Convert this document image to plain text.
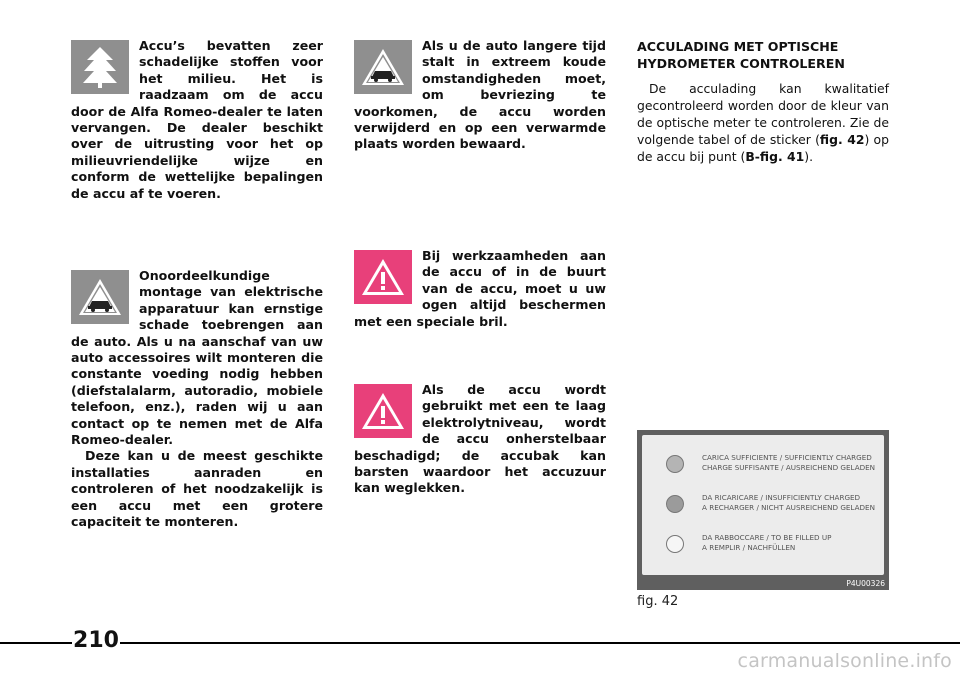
Accu’s bevatten zeer schadelijke stoffen voor het milieu. Het is raadzaam om de accu door de Alfa Romeo-dealer te laten vervangen. De dealer beschikt over de uitrusting voor het op milieuvriendelijke wijze en conform de wettelijke bepalingen de accu af te voeren.

Onoordeelkundige montage van elektrische apparatuur kan ernstige schade toebrengen aan de auto. Als u na aanschaf van uw auto accessoires wilt monteren die constante voeding nodig hebben (diefstalalarm, autoradio, mobiele telefoon, enz.), raden wij u aan contact op te nemen met de Alfa Romeo-dealer.

Deze kan u de meest geschikte installaties aanraden en controleren of het noodzakelijk is een accu met een grotere capaciteit te monteren.

Als u de auto langere tijd stalt in extreem koude omstandigheden moet, om bevriezing te voorkomen, de accu worden verwijderd en op een verwarmde plaats worden bewaard.

Bij werkzaamheden aan de accu of in de buurt van de accu, moet u uw ogen altijd beschermen met een speciale bril.

Als de accu wordt gebruikt met een te laag elektrolytniveau, wordt de accu onherstelbaar beschadigd; de accubak kan barsten waardoor het accuzuur kan weglekken.

ACCULADING MET OPTISCHE HYDROMETER CONTROLEREN

De acculading kan kwalitatief gecontroleerd worden door de kleur van de optische meter te controleren. Zie de volgende tabel of de sticker (fig. 42) op de accu bij punt (B-fig. 41).

CARICA SUFFICIENTE / SUFFICIENTLY CHARGED
CHARGE SUFFISANTE / AUSREICHEND GELADEN
DA RICARICARE / INSUFFICIENTLY CHARGED
A RECHARGER / NICHT AUSREICHEND GELADEN
DA RABBOCCARE / TO BE FILLED UP
A REMPLIR / NACHFÜLLEN
P4U00326
fig. 42
210
carmanualsonline.info
